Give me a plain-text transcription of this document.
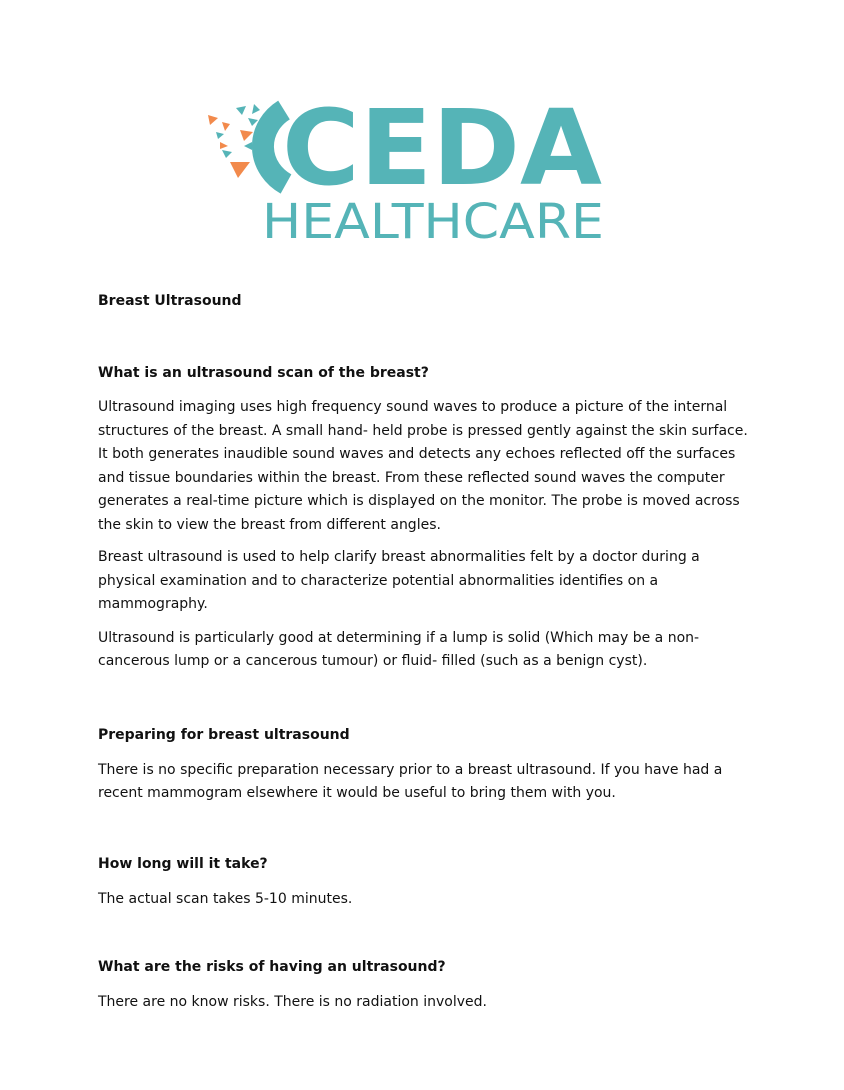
CEDA
HEALTHCARE

Breast Ultrasound

What is an ultrasound scan of the breast?

Ultrasound imaging uses high frequency sound waves to produce a picture of the internal structures of the breast. A small hand- held probe is pressed gently against the skin surface. It both generates inaudible sound waves and detects any echoes reflected off the surfaces and tissue boundaries within the breast. From these reflected sound waves the computer generates a real-time picture which is displayed on the monitor. The probe is moved across the skin to view the breast from different angles.

Breast ultrasound is used to help clarify breast abnormalities felt by a doctor during a physical examination and to characterize potential abnormalities identifies on a mammography.

Ultrasound is particularly good at determining if a lump is solid (Which may be a non- cancerous lump or a cancerous tumour) or fluid- filled (such as a benign cyst).

Preparing for breast ultrasound

There is no specific preparation necessary prior to a breast ultrasound. If you have had a recent mammogram elsewhere it would be useful to bring them with you.

How long will it take?

The actual scan takes 5-10 minutes.

What are the risks of having an ultrasound?

There are no know risks. There is no radiation involved.
